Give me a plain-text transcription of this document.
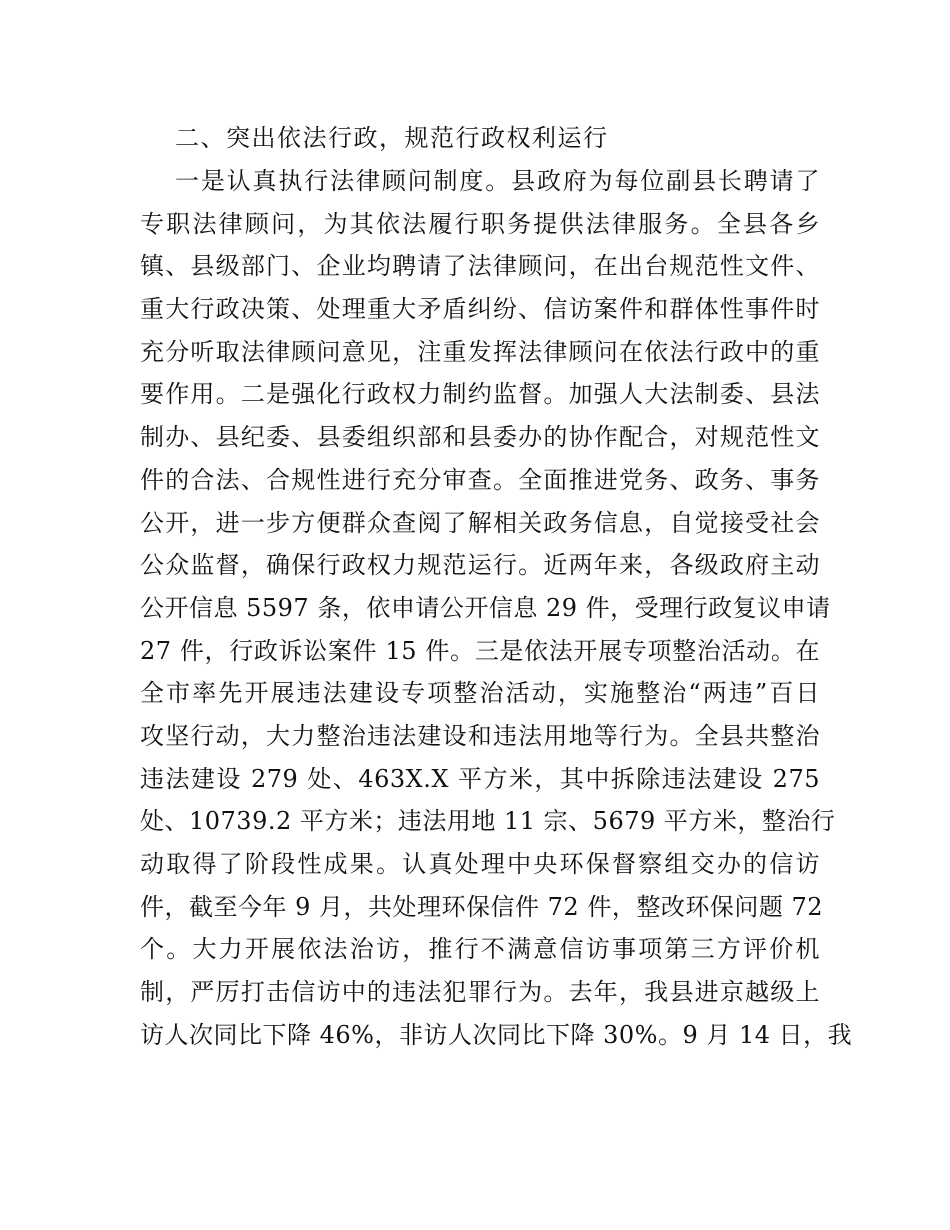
二、突出依法行政，规范行政权利运行
一是认真执行法律顾问制度。县政府为每位副县长聘请了
专职法律顾问，为其依法履行职务提供法律服务。全县各乡
镇、县级部门、企业均聘请了法律顾问，在出台规范性文件、
重大行政决策、处理重大矛盾纠纷、信访案件和群体性事件时
充分听取法律顾问意见，注重发挥法律顾问在依法行政中的重
要作用。二是强化行政权力制约监督。加强人大法制委、县法
制办、县纪委、县委组织部和县委办的协作配合，对规范性文
件的合法、合规性进行充分审查。全面推进党务、政务、事务
公开，进一步方便群众查阅了解相关政务信息，自觉接受社会
公众监督，确保行政权力规范运行。近两年来，各级政府主动
公开信息 5597 条，依申请公开信息 29 件，受理行政复议申请
27 件，行政诉讼案件 15 件。三是依法开展专项整治活动。在
全市率先开展违法建设专项整治活动，实施整治“两违”百日
攻坚行动，大力整治违法建设和违法用地等行为。全县共整治
违法建设 279 处、463X.X 平方米，其中拆除违法建设 275
处、10739.2 平方米；违法用地 11 宗、5679 平方米，整治行
动取得了阶段性成果。认真处理中央环保督察组交办的信访
件，截至今年 9 月，共处理环保信件 72 件，整改环保问题 72
个。大力开展依法治访，推行不满意信访事项第三方评价机
制，严厉打击信访中的违法犯罪行为。去年，我县进京越级上
访人次同比下降 46%，非访人次同比下降 30%。9 月 14 日，我
